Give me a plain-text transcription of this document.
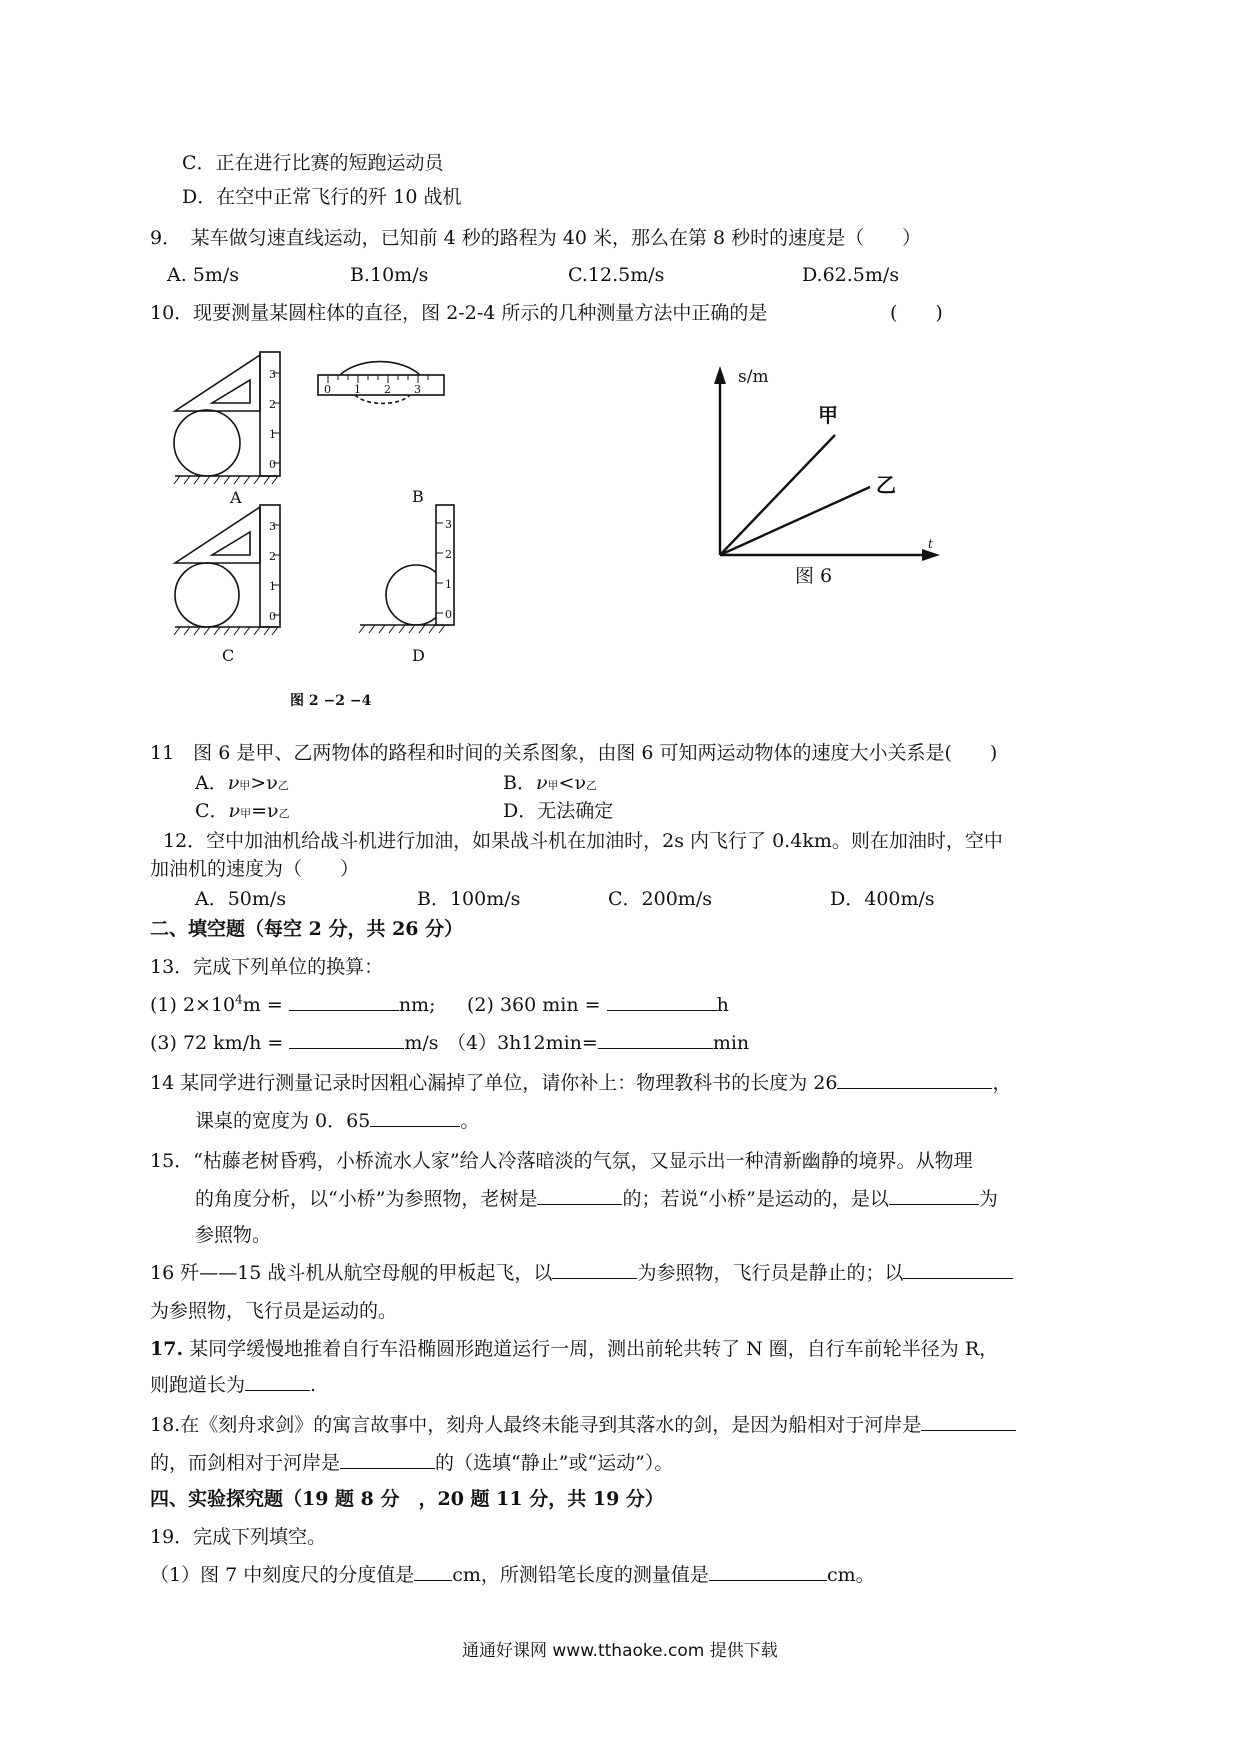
C．正在进行比赛的短跑运动员
D．在空中正常飞行的歼 10 战机
9．　某车做匀速直线运动，已知前 4 秒的路程为 40 米，那么在第 8 秒时的速度是（　　）
A. 5m/s	B.10m/s	C.12.5m/s	D.62.5m/s
10．现要测量某圆柱体的直径，图 2-2-4 所示的几种测量方法中正确的是	(　　)
0
1
2
3
0 1 2 3
0
1
2
3
0
1
2
3
A	B
C	D
图 2 −2 −4
s/m
t
甲
乙
图 6
11　图 6 是甲、乙两物体的路程和时间的关系图象，由图 6 可知两运动物体的速度大小关系是(　　)
A．ν甲>ν乙	B．ν甲<ν乙
C．ν甲=ν乙	D．无法确定
12．空中加油机给战斗机进行加油，如果战斗机在加油时，2s 内飞行了 0.4km。则在加油时，空中
加油机的速度为（　　）
A．50m/s	B．100m/s	C．200m/s	D．400m/s
二、填空题（每空 2 分，共 26 分）
13．完成下列单位的换算：
(1) $2\times 10^4m$ =	nm; (2) 360 min =	h
(3) 72 km/h =	m/s （4）3h12min=	min
14 某同学进行测量记录时因粗心漏掉了单位，请你补上：物理教科书的长度为 26	，
课桌的宽度为 0．65	。
15．“枯藤老树昏鸦，小桥流水人家”给人冷落暗淡的气氛，又显示出一种清新幽静的境界。从物理
的角度分析，以“小桥”为参照物，老树是	的；若说“小桥”是运动的，是以	为
参照物。
16 歼——15 战斗机从航空母舰的甲板起飞，以	为参照物，飞行员是静止的；以
为参照物，飞行员是运动的。
17. 某同学缓慢地推着自行车沿椭圆形跑道运行一周，测出前轮共转了 N 圈，自行车前轮半径为 R，
则跑道长为	.
18.在《刻舟求剑》的寓言故事中，刻舟人最终未能寻到其落水的剑，是因为船相对于河岸是
的，而剑相对于河岸是	的（选填“静止”或“运动”）。
四、实验探究题（19 题 8 分　，20 题 11 分，共 19 分）
19．完成下列填空。
（1）图 7 中刻度尺的分度值是 cm，所测铅笔长度的测量值是	cm。
通通好课网 www.tthaoke.com 提供下载
